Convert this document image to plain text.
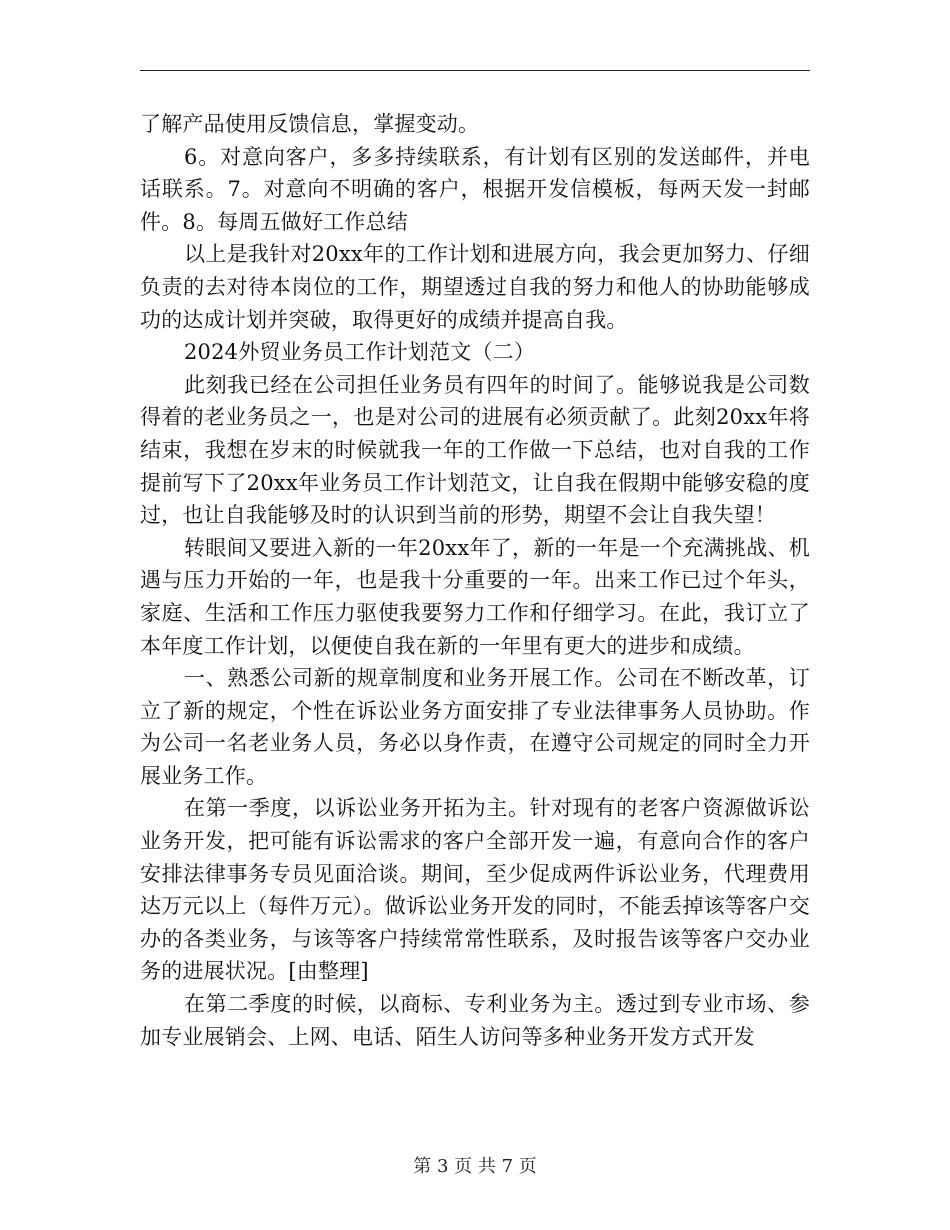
了解产品使用反馈信息，掌握变动。

6。对意向客户，多多持续联系，有计划有区别的发送邮件，并电话联系。7。对意向不明确的客户，根据开发信模板，每两天发一封邮件。8。每周五做好工作总结

以上是我针对20xx年的工作计划和进展方向，我会更加努力、仔细负责的去对待本岗位的工作，期望透过自我的努力和他人的协助能够成功的达成计划并突破，取得更好的成绩并提高自我。

2024外贸业务员工作计划范文（二）

此刻我已经在公司担任业务员有四年的时间了。能够说我是公司数得着的老业务员之一，也是对公司的进展有必须贡献了。此刻20xx年将结束，我想在岁末的时候就我一年的工作做一下总结，也对自我的工作提前写下了20xx年业务员工作计划范文，让自我在假期中能够安稳的度过，也让自我能够及时的认识到当前的形势，期望不会让自我失望！

转眼间又要进入新的一年20xx年了，新的一年是一个充满挑战、机遇与压力开始的一年，也是我十分重要的一年。出来工作已过个年头，家庭、生活和工作压力驱使我要努力工作和仔细学习。在此，我订立了本年度工作计划，以便使自我在新的一年里有更大的进步和成绩。

一、熟悉公司新的规章制度和业务开展工作。公司在不断改革，订立了新的规定，个性在诉讼业务方面安排了专业法律事务人员协助。作为公司一名老业务人员，务必以身作责，在遵守公司规定的同时全力开展业务工作。

在第一季度，以诉讼业务开拓为主。针对现有的老客户资源做诉讼业务开发，把可能有诉讼需求的客户全部开发一遍，有意向合作的客户安排法律事务专员见面洽谈。期间，至少促成两件诉讼业务，代理费用达万元以上（每件万元）。做诉讼业务开发的同时，不能丢掉该等客户交办的各类业务，与该等客户持续常常性联系，及时报告该等客户交办业务的进展状况。[由整理]

在第二季度的时候，以商标、专利业务为主。透过到专业市场、参加专业展销会、上网、电话、陌生人访问等多种业务开发方式开发

第 3 页 共 7 页
